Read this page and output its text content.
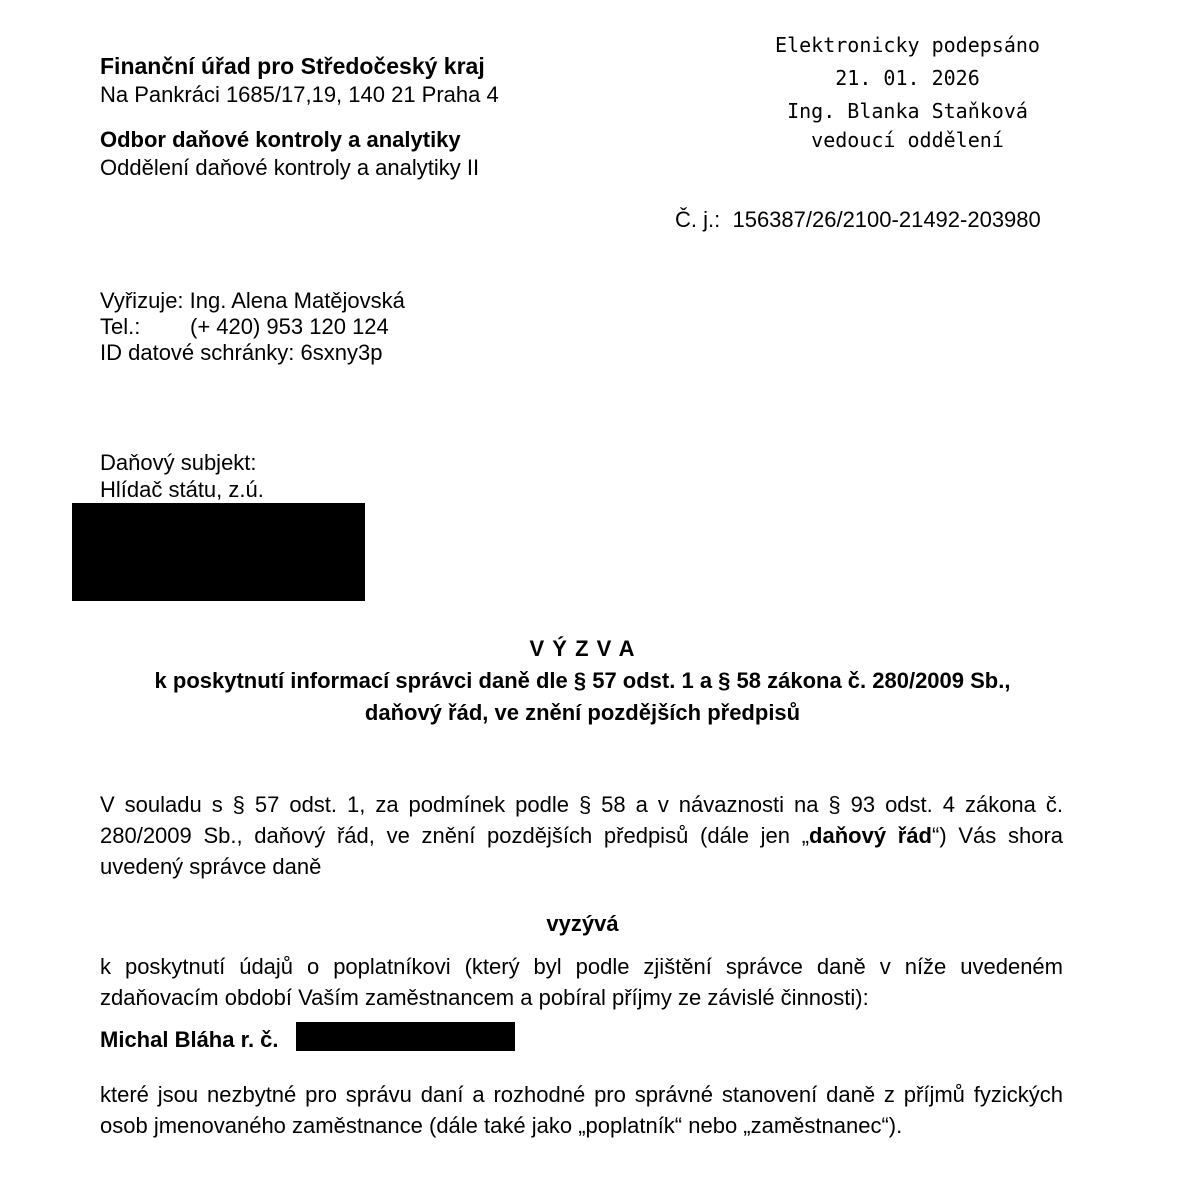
Finanční úřad pro Středočeský kraj
Na Pankráci 1685/17,19, 140 21 Praha 4
Odbor daňové kontroly a analytiky
Oddělení daňové kontroly a analytiky II
Elektronicky podepsáno
21. 01. 2026
Ing. Blanka Staňková
vedoucí oddělení
Č. j.: 156387/26/2100-21492-203980
Vyřizuje: Ing. Alena Matějovská
Tel.: (+ 420) 953 120 124
ID datové schránky: 6sxny3p
Daňový subjekt:
Hlídač státu, z.ú.
V Ý Z V A
k poskytnutí informací správci daně dle § 57 odst. 1 a § 58 zákona č. 280/2009 Sb.,
daňový řád, ve znění pozdějších předpisů
V souladu s § 57 odst. 1, za podmínek podle § 58 a v návaznosti na § 93 odst. 4 zákona č. 280/2009 Sb., daňový řád, ve znění pozdějších předpisů (dále jen „daňový řád“) Vás shora uvedený správce daně
vyzývá
k poskytnutí údajů o poplatníkovi (který byl podle zjištění správce daně v níže uvedeném zdaňovacím období Vaším zaměstnancem a pobíral příjmy ze závislé činnosti):
Michal Bláha r. č.
které jsou nezbytné pro správu daní a rozhodné pro správné stanovení daně z příjmů fyzických osob jmenovaného zaměstnance (dále také jako „poplatník“ nebo „zaměstnanec“).
